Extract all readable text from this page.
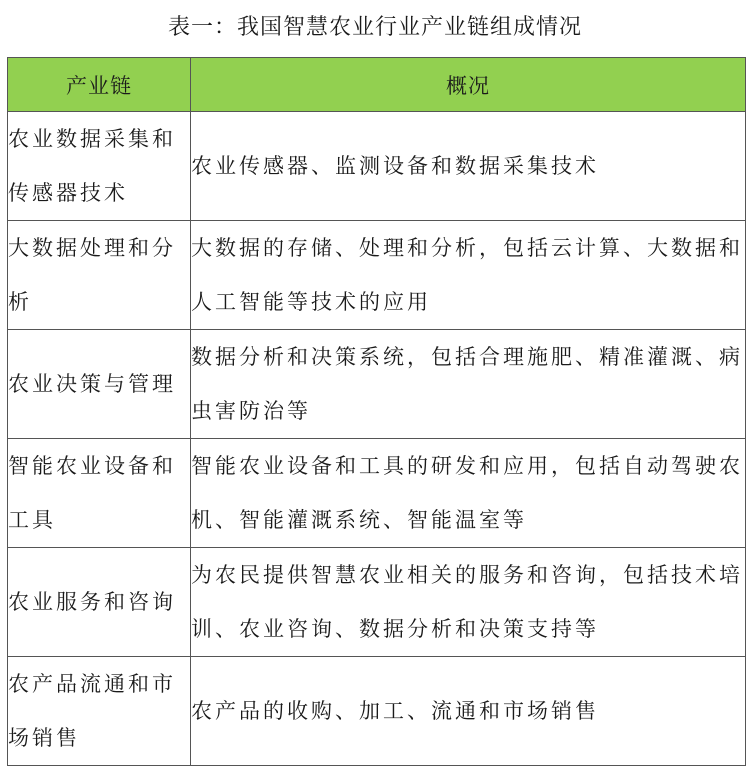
表一：我国智慧农业行业产业链组成情况
产业链	概况
农业数据采集和传感器技术	农业传感器、监测设备和数据采集技术
大数据处理和分析	大数据的存储、处理和分析，包括云计算、大数据和人工智能等技术的应用
农业决策与管理	数据分析和决策系统，包括合理施肥、精准灌溉、病虫害防治等
智能农业设备和工具	智能农业设备和工具的研发和应用，包括自动驾驶农机、智能灌溉系统、智能温室等
农业服务和咨询	为农民提供智慧农业相关的服务和咨询，包括技术培训、农业咨询、数据分析和决策支持等
农产品流通和市场销售	农产品的收购、加工、流通和市场销售
